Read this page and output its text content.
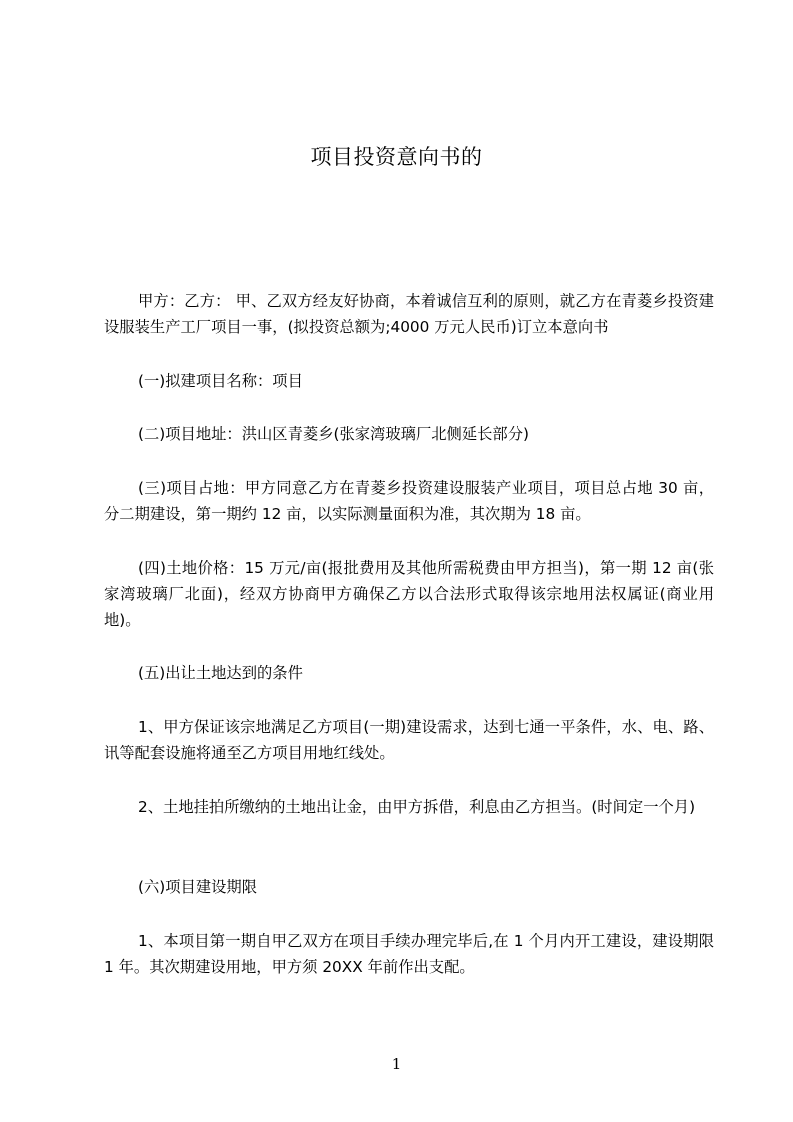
项目投资意向书的

甲方：乙方： 甲、乙双方经友好协商，本着诚信互利的原则，就乙方在青菱乡投资建设服装生产工厂项目一事，(拟投资总额为;4000 万元人民币)订立本意向书

(一)拟建项目名称：项目

(二)项目地址：洪山区青菱乡(张家湾玻璃厂北侧延长部分)

(三)项目占地：甲方同意乙方在青菱乡投资建设服装产业项目，项目总占地 30 亩，分二期建设，第一期约 12 亩，以实际测量面积为准，其次期为 18 亩。

(四)土地价格：15 万元/亩(报批费用及其他所需税费由甲方担当)，第一期 12 亩(张家湾玻璃厂北面)，经双方协商甲方确保乙方以合法形式取得该宗地用法权属证(商业用地)。

(五)出让土地达到的条件

1、甲方保证该宗地满足乙方项目(一期)建设需求，达到七通一平条件，水、电、路、讯等配套设施将通至乙方项目用地红线处。

2、土地挂拍所缴纳的土地出让金，由甲方拆借，利息由乙方担当。(时间定一个月)

(六)项目建设期限

1、本项目第一期自甲乙双方在项目手续办理完毕后,在 1 个月内开工建设，建设期限 1 年。其次期建设用地，甲方须 20XX 年前作出支配。

1
